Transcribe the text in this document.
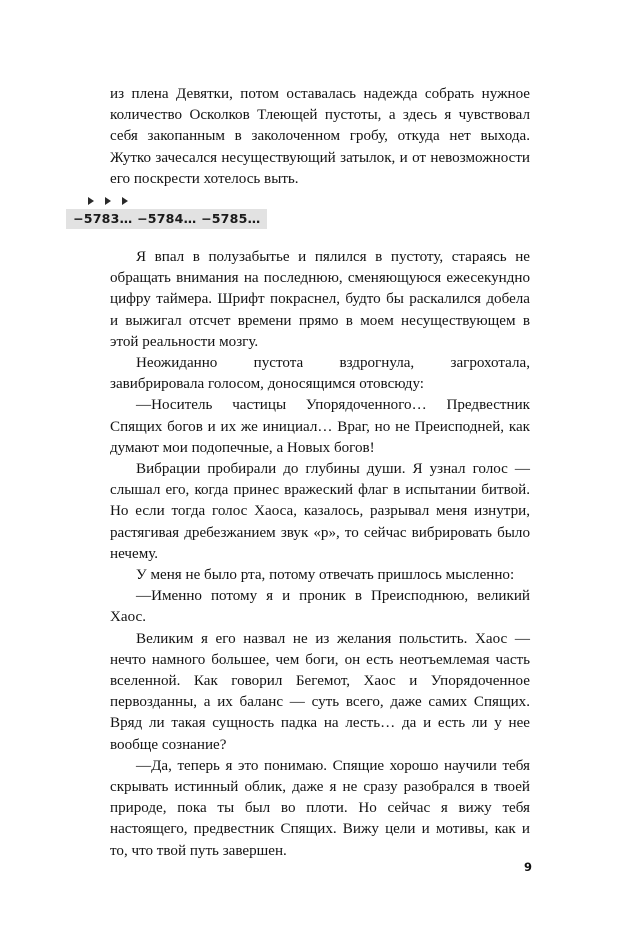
из плена Девятки, потом оставалась надежда собрать нужное количество Осколков Тлеющей пустоты, а здесь я чувствовал себя закопанным в заколоченном гробу, откуда нет выхода. Жутко зачесался несуществующий затылок, и от невозможности его поскрести хотелось выть.

−5783… −5784… −5785…

Я впал в полузабытье и пялился в пустоту, стараясь не обращать внимания на последнюю, сменяющуюся ежесекундно цифру таймера. Шрифт покраснел, будто бы раскалился добела и выжигал отсчет времени прямо в моем несуществующем в этой реальности мозгу.

Неожиданно пустота вздрогнула, загрохотала, завибрировала голосом, доносящимся отовсюду:

—Носитель частицы Упорядоченного… Предвестник Спящих богов и их же инициал… Враг, но не Преисподней, как думают мои подопечные, а Новых богов!

Вибрации пробирали до глубины души. Я узнал голос — слышал его, когда принес вражеский флаг в испытании битвой. Но если тогда голос Хаоса, казалось, разрывал меня изнутри, растягивая дребезжанием звук «р», то сейчас вибрировать было нечему.

У меня не было рта, потому отвечать пришлось мысленно:

—Именно потому я и проник в Преисподнюю, великий Хаос.

Великим я его назвал не из желания польстить. Хаос — нечто намного большее, чем боги, он есть неотъемлемая часть вселенной. Как говорил Бегемот, Хаос и Упорядоченное первозданны, а их баланс — суть всего, даже самих Спящих. Вряд ли такая сущность падка на лесть… да и есть ли у нее вообще сознание?

—Да, теперь я это понимаю. Спящие хорошо научили тебя скрывать истинный облик, даже я не сразу разобрался в твоей природе, пока ты был во плоти. Но сейчас я вижу тебя настоящего, предвестник Спящих. Вижу цели и мотивы, как и то, что твой путь завершен.

9
